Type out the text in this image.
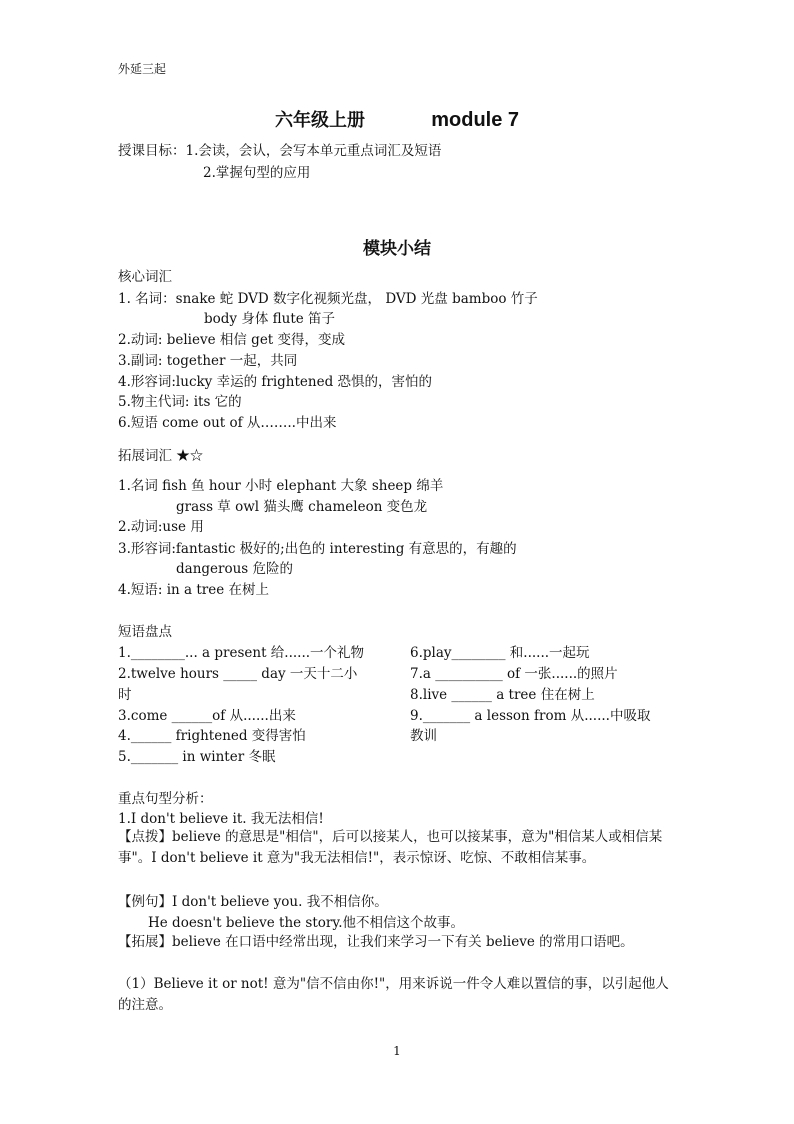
外延三起
六年级上册	module 7
授课目标：1.会读，会认，会写本单元重点词汇及短语
2.掌握句型的应用
模块小结
核心词汇
1. 名词：snake 蛇 DVD 数字化视频光盘， DVD 光盘 bamboo 竹子
body 身体 flute 笛子
2.动词: believe 相信 get 变得，变成
3.副词: together 一起，共同
4.形容词:lucky 幸运的 frightened 恐惧的，害怕的
5.物主代词: its 它的
6.短语 come out of 从……..中出来
拓展词汇 ★☆
1.名词 fish 鱼 hour 小时 elephant 大象 sheep 绵羊
grass 草 owl 猫头鹰 chameleon 变色龙
2.动词:use 用
3.形容词:fantastic 极好的;出色的 interesting 有意思的，有趣的
dangerous 危险的
4.短语: in a tree 在树上
短语盘点
1.________... a present 给......一个礼物
2.twelve hours _____ day 一天十二小
时
3.come ______of 从......出来
4.______ frightened 变得害怕
5._______ in winter 冬眠
6.play________ 和......一起玩
7.a __________ of 一张......的照片
8.live ______ a tree 住在树上
9._______ a lesson from 从......中吸取
教训
重点句型分析：
1.I don't believe it. 我无法相信!
【点拨】believe 的意思是"相信"，后可以接某人，也可以接某事，意为"相信某人或相信某事"。I don't believe it 意为"我无法相信!"，表示惊讶、吃惊、不敢相信某事。
【例句】I don't believe you. 我不相信你。
He doesn't believe the story.他不相信这个故事。
【拓展】believe 在口语中经常出现，让我们来学习一下有关 believe 的常用口语吧。
（1）Believe it or not! 意为"信不信由你!"，用来诉说一件令人难以置信的事，以引起他人的注意。
1
